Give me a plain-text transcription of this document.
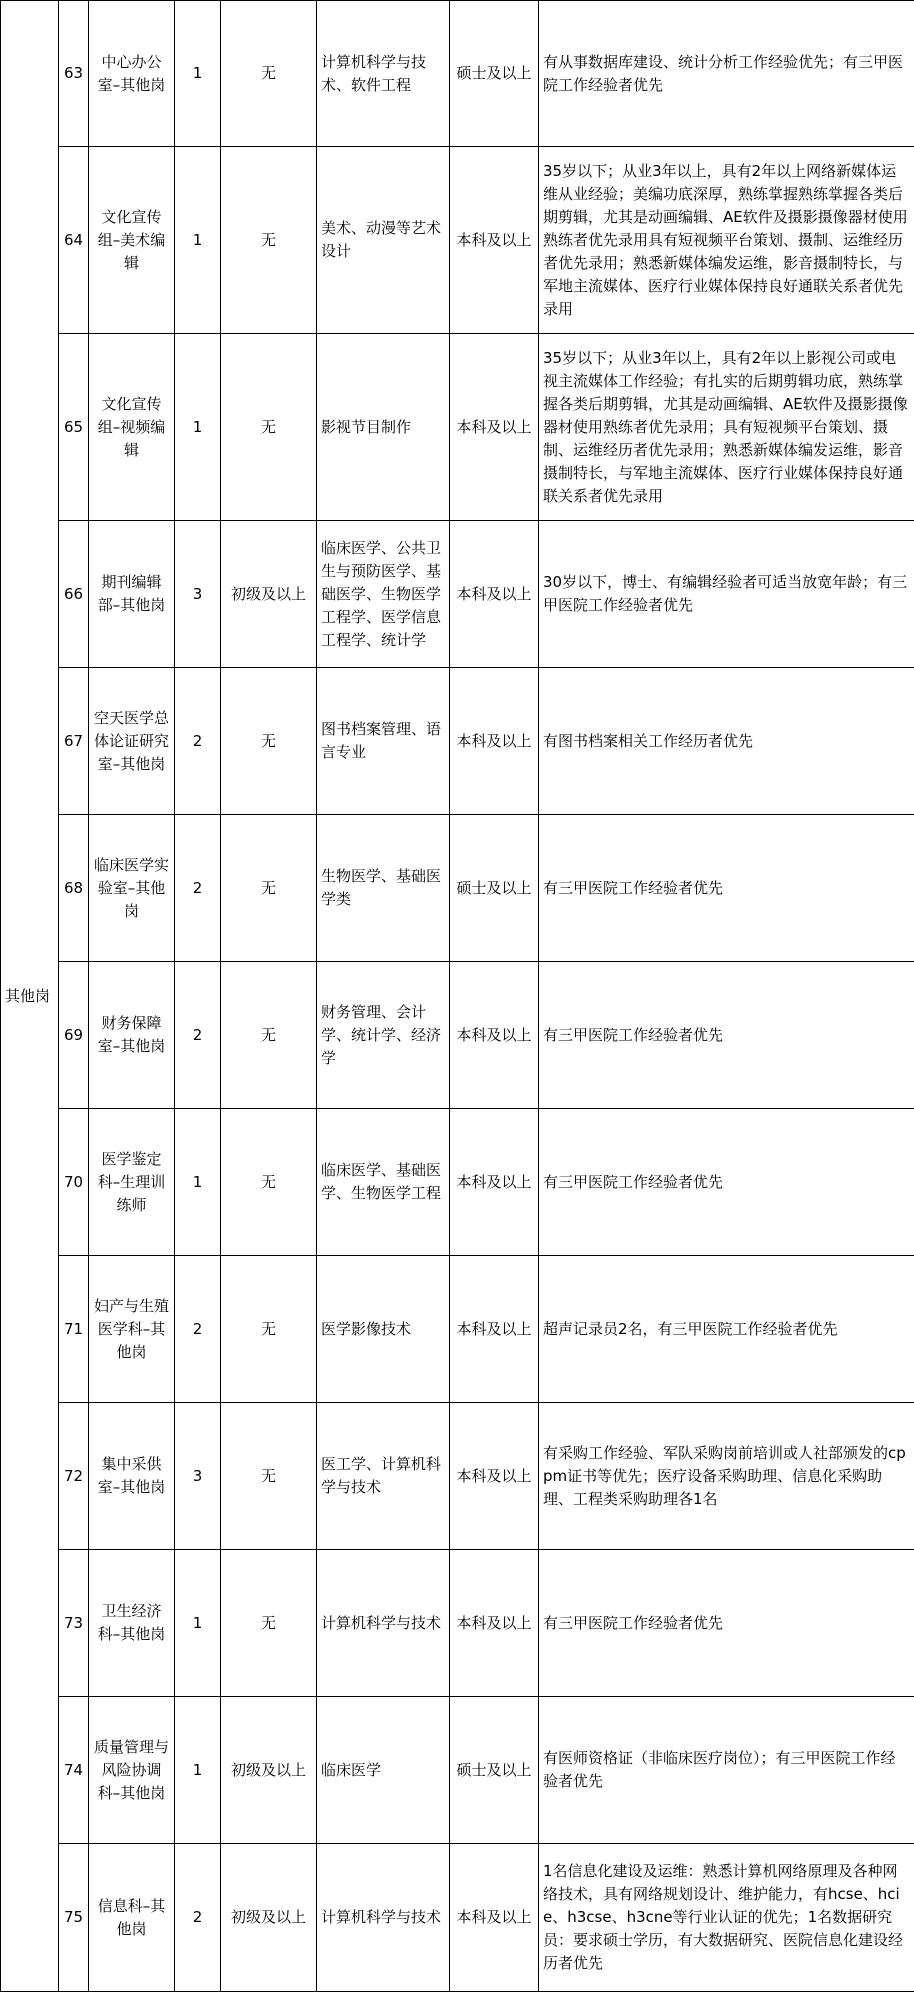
其他岗	63	中心办公室–其他岗	1	无	计算机科学与技术、软件工程	硕士及以上	有从事数据库建设、统计分析工作经验优先；有三甲医院工作经验者优先
	64	文化宣传组–美术编辑	1	无	美术、动漫等艺术设计	本科及以上	35岁以下；从业3年以上，具有2年以上网络新媒体运维从业经验；美编功底深厚，熟练掌握熟练掌握各类后期剪辑，尤其是动画编辑、AE软件及摄影摄像器材使用熟练者优先录用具有短视频平台策划、摄制、运维经历者优先录用；熟悉新媒体编发运维，影音摄制特长，与军地主流媒体、医疗行业媒体保持良好通联关系者优先录用
	65	文化宣传组–视频编辑	1	无	影视节目制作	本科及以上	35岁以下；从业3年以上，具有2年以上影视公司或电视主流媒体工作经验；有扎实的后期剪辑功底，熟练掌握各类后期剪辑，尤其是动画编辑、AE软件及摄影摄像器材使用熟练者优先录用；具有短视频平台策划、摄制、运维经历者优先录用；熟悉新媒体编发运维，影音摄制特长，与军地主流媒体、医疗行业媒体保持良好通联关系者优先录用
	66	期刊编辑部–其他岗	3	初级及以上	临床医学、公共卫生与预防医学、基础医学、生物医学工程学、医学信息工程学、统计学	本科及以上	30岁以下，博士、有编辑经验者可适当放宽年龄；有三甲医院工作经验者优先
	67	空天医学总体论证研究室–其他岗	2	无	图书档案管理、语言专业	本科及以上	有图书档案相关工作经历者优先
	68	临床医学实验室–其他岗	2	无	生物医学、基础医学类	硕士及以上	有三甲医院工作经验者优先
	69	财务保障室–其他岗	2	无	财务管理、会计学、统计学、经济学	本科及以上	有三甲医院工作经验者优先
	70	医学鉴定科–生理训练师	1	无	临床医学、基础医学、生物医学工程	本科及以上	有三甲医院工作经验者优先
	71	妇产与生殖医学科–其他岗	2	无	医学影像技术	本科及以上	超声记录员2名，有三甲医院工作经验者优先
	72	集中采供室–其他岗	3	无	医工学、计算机科学与技术	本科及以上	有采购工作经验、军队采购岗前培训或人社部颁发的cppm证书等优先；医疗设备采购助理、信息化采购助理、工程类采购助理各1名
	73	卫生经济科–其他岗	1	无	计算机科学与技术	本科及以上	有三甲医院工作经验者优先
	74	质量管理与风险协调科–其他岗	1	初级及以上	临床医学	硕士及以上	有医师资格证（非临床医疗岗位）；有三甲医院工作经验者优先
	75	信息科–其他岗	2	初级及以上	计算机科学与技术	本科及以上	1名信息化建设及运维：熟悉计算机网络原理及各种网络技术，具有网络规划设计、维护能力，有hcse、hcie、h3cse、h3cne等行业认证的优先；1名数据研究员：要求硕士学历，有大数据研究、医院信息化建设经历者优先
